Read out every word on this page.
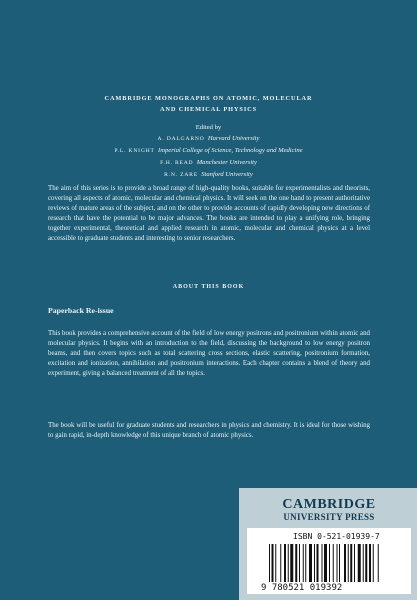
CAMBRIDGE MONOGRAPHS ON ATOMIC, MOLECULAR
AND CHEMICAL PHYSICS
Edited by
A. DALGARNO Harvard University
P.L. KNIGHT Imperial College of Science, Technology and Medicine
F.H. READ Manchester University
R.N. ZARE Stanford University
The aim of this series is to provide a broad range of high-quality books, suitable for experimentalists and theorists, covering all aspects of atomic, molecular and chemical physics. It will seek on the one hand to present authoritative reviews of mature areas of the subject, and on the other to provide accounts of rapidly developing new directions of research that have the potential to be major advances. The books are intended to play a unifying role, bringing together experimental, theoretical and applied research in atomic, molecular and chemical physics at a level accessible to graduate students and interesting to senior researchers.
ABOUT THIS BOOK
Paperback Re-issue
This book provides a comprehensive account of the field of low energy positrons and positronium within atomic and molecular physics. It begins with an introduction to the field, discussing the background to low energy positron beams, and then covers topics such as total scattering cross sections, elastic scattering, positronium formation, excitation and ionization, annihilation and positronium interactions. Each chapter contains a blend of theory and experiment, giving a balanced treatment of all the topics.
The book will be useful for graduate students and researchers in physics and chemistry. It is ideal for those wishing to gain rapid, in-depth knowledge of this unique branch of atomic physics.
CAMBRIDGE
UNIVERSITY PRESS
ISBN 0-521-01939-7
9 780521 019392
